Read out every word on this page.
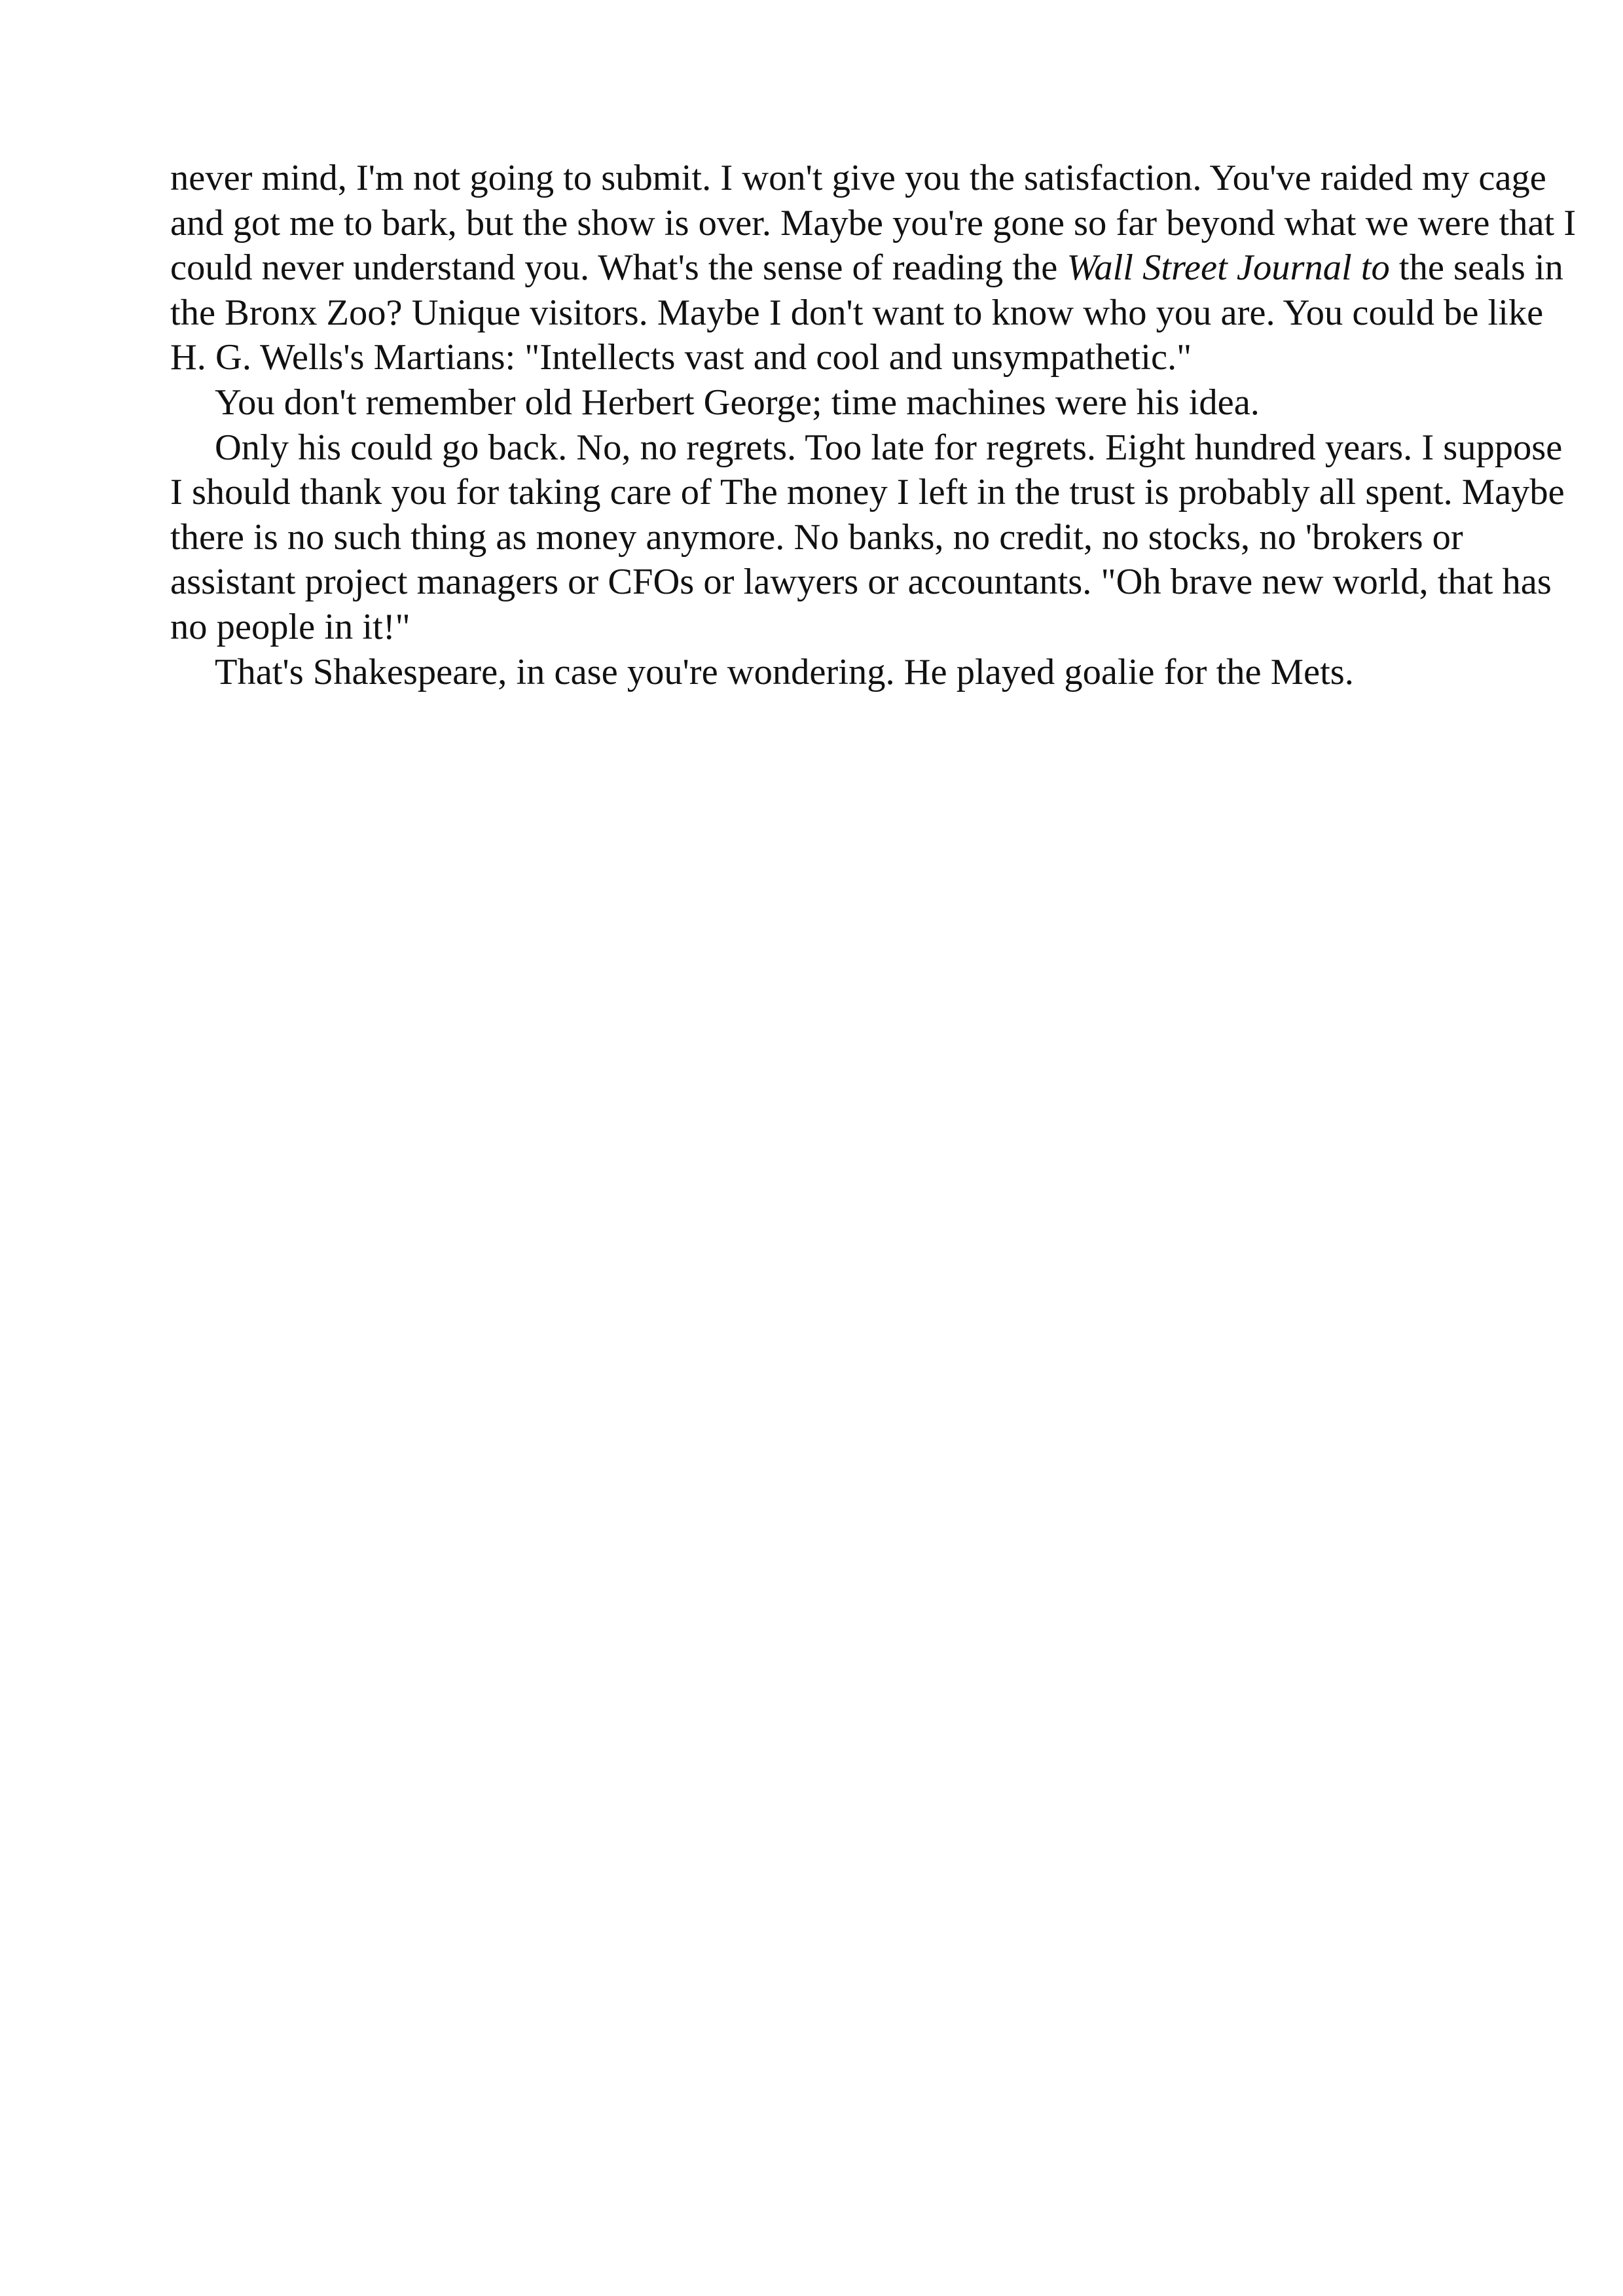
never mind, I'm not going to submit. I won't give you the satisfaction. You've raided my cage
and got me to bark, but the show is over. Maybe you're gone so far beyond what we were that I
could never understand you. What's the sense of reading the Wall Street Journal to the seals in
the Bronx Zoo? Unique visitors. Maybe I don't want to know who you are. You could be like
H. G. Wells's Martians: "Intellects vast and cool and unsympathetic."
You don't remember old Herbert George; time machines were his idea.
Only his could go back. No, no regrets. Too late for regrets. Eight hundred years. I suppose
I should thank you for taking care of The money I left in the trust is probably all spent. Maybe
there is no such thing as money anymore. No banks, no credit, no stocks, no 'brokers or
assistant project managers or CFOs or lawyers or accountants. "Oh brave new world, that has
no people in it!"
That's Shakespeare, in case you're wondering. He played goalie for the Mets.
